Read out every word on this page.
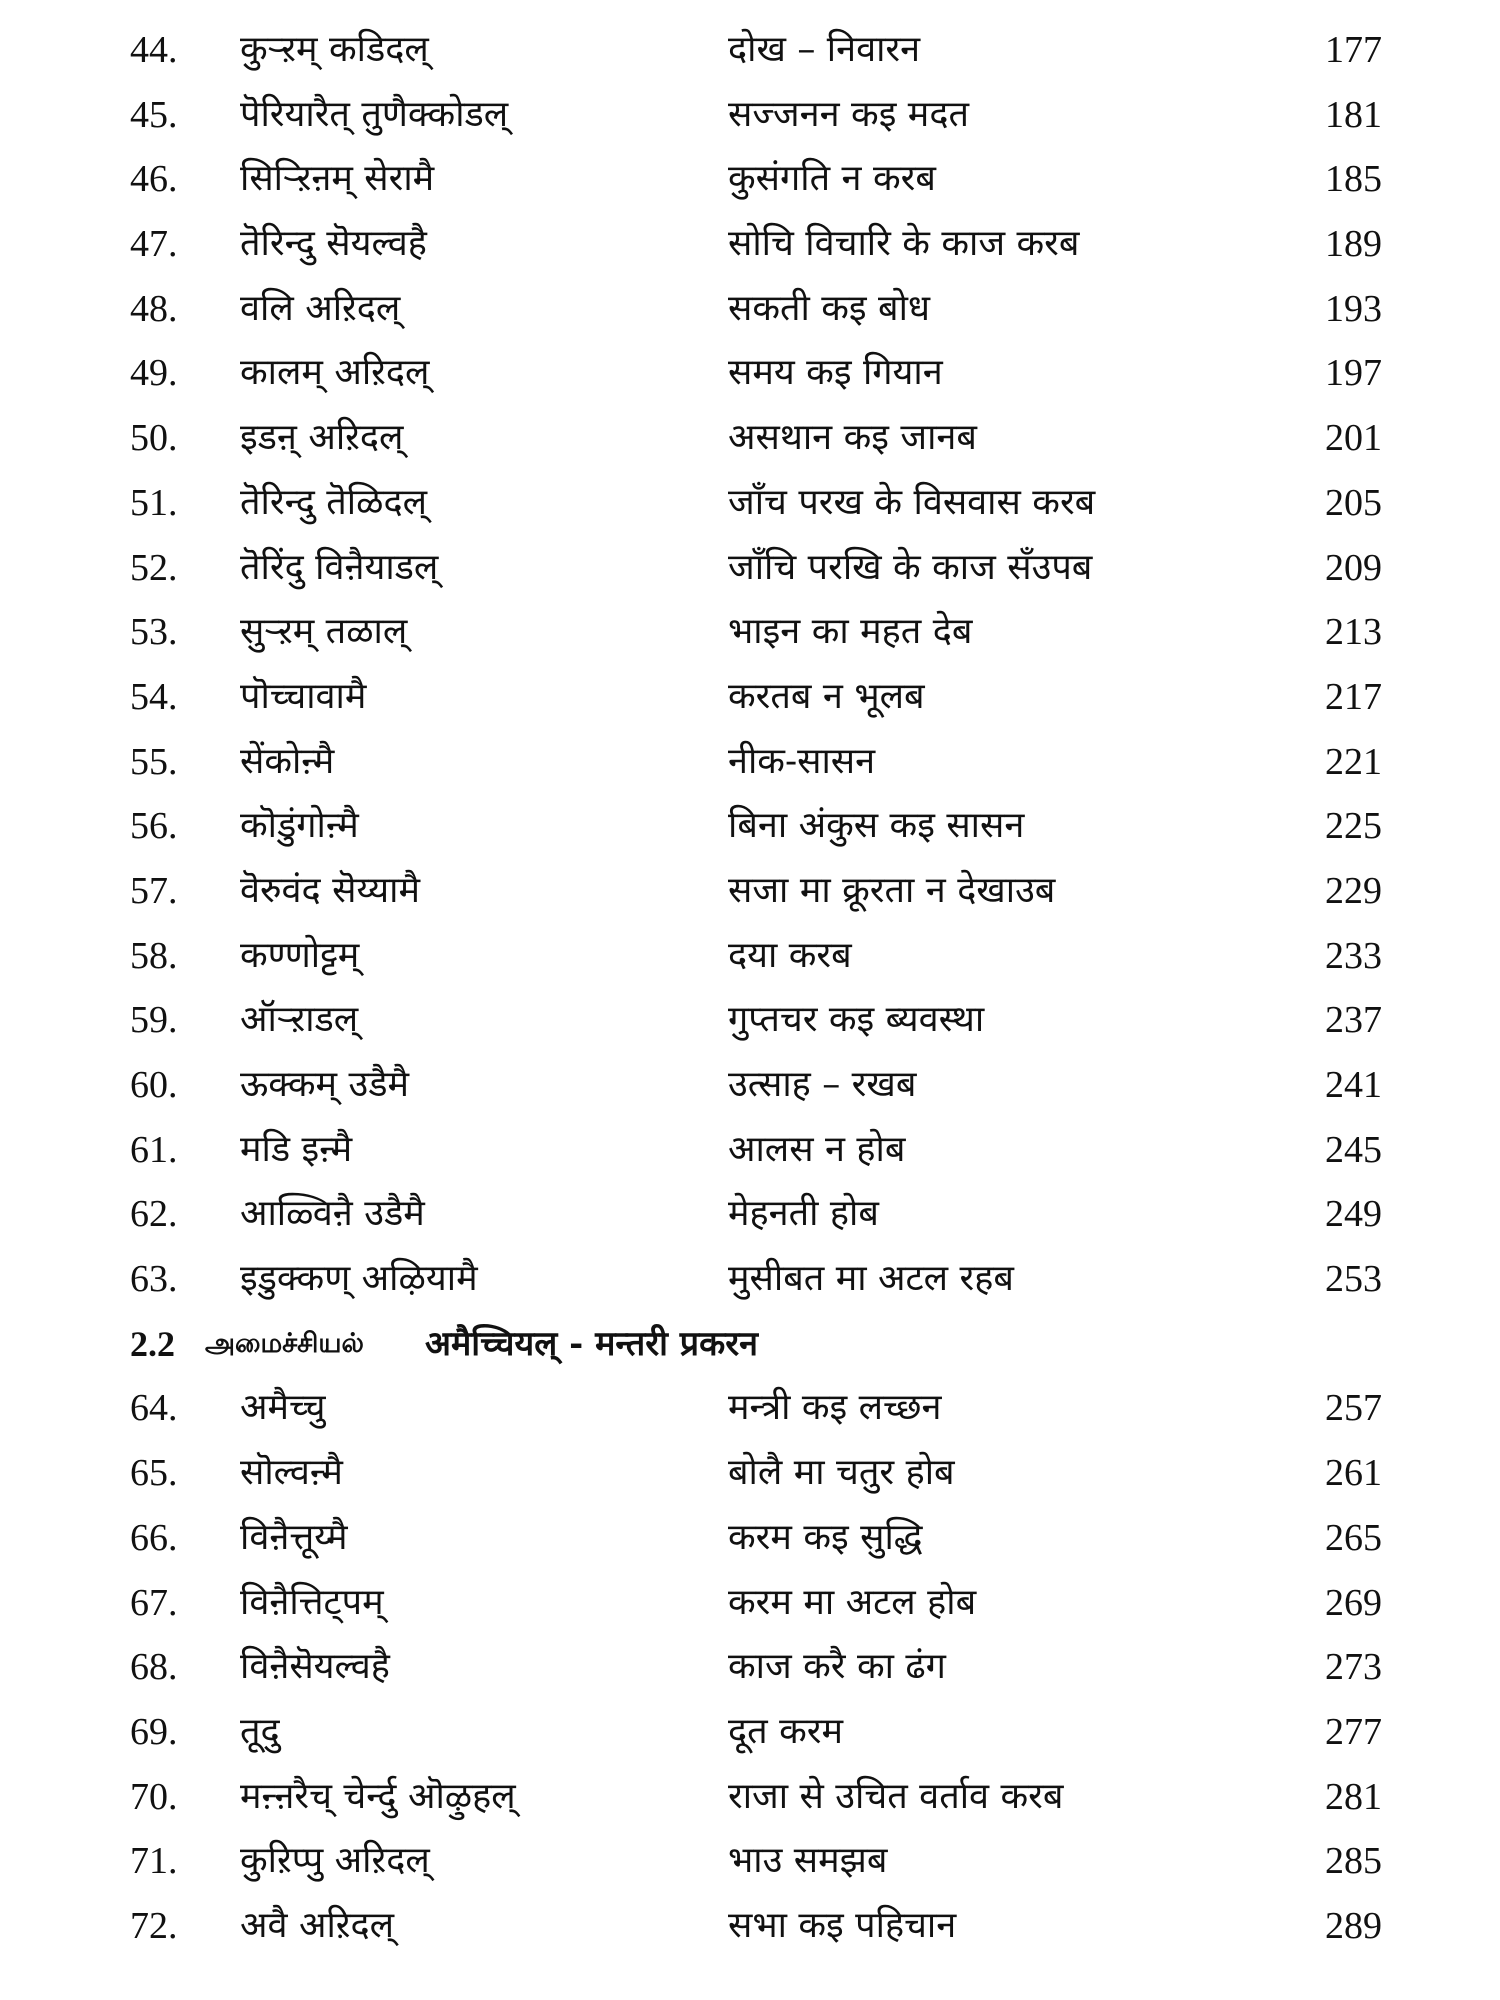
44.	कुऱ्ऱम् कडिदल्	दोख – निवारन	177
45.	पॆरियारैत् तुणैक्कोडल्	सज्जनन कइ मदत	181
46.	सिऱ्ऱिऩम् सेरामै	कुसंगति न करब	185
47.	तॆरिन्दु सॆयल्वहै	सोचि विचारि के काज करब	189
48.	वलि अऱिदल्	सकती कइ बोध	193
49.	कालम् अऱिदल्	समय कइ गियान	197
50.	इडऩ् अऱिदल्	असथान कइ जानब	201
51.	तॆरिन्दु तॆळिदल्	जाँच परख के विसवास करब	205
52.	तॆरिंदु विऩैयाडल्	जाँचि परखि के काज सँउपब	209
53.	सुऱ्ऱम् तळाल्	भाइन का महत देब	213
54.	पॊच्चावामै	करतब न भूलब	217
55.	सेंकोऩ्मै	नीक-सासन	221
56.	कॊडुंगोऩ्मै	बिना अंकुस कइ सासन	225
57.	वॆरुवंद सॆय्यामै	सजा मा क्रूरता न देखाउब	229
58.	कण्णोट्टम्	दया करब	233
59.	ऑऱ्ऱाडल्	गुप्तचर कइ ब्यवस्था	237
60.	ऊक्कम् उडैमै	उत्साह – रखब	241
61.	मडि इऩ्मै	आलस न होब	245
62.	आळ्विऩै उडैमै	मेहनती होब	249
63.	इडुक्कण् अऴियामै	मुसीबत मा अटल रहब	253
2.2 அமைச்சியல் अमैच्चियल् - मन्तरी प्रकरन
64.	अमैच्चु	मन्त्री कइ लच्छन	257
65.	सॊल्वऩ्मै	बोलै मा चतुर होब	261
66.	विऩैत्तूय्मै	करम कइ सुद्धि	265
67.	विऩैत्तिट्पम्	करम मा अटल होब	269
68.	विऩैसॆयल्वहै	काज करै का ढंग	273
69.	तूदु	दूत करम	277
70.	मऩ्ऩरैच् चेर्न्दु ऒऴुहल्	राजा से उचित वर्ताव करब	281
71.	कुऱिप्पु अऱिदल्	भाउ समझब	285
72.	अवै अऱिदल्	सभा कइ पहिचान	289
